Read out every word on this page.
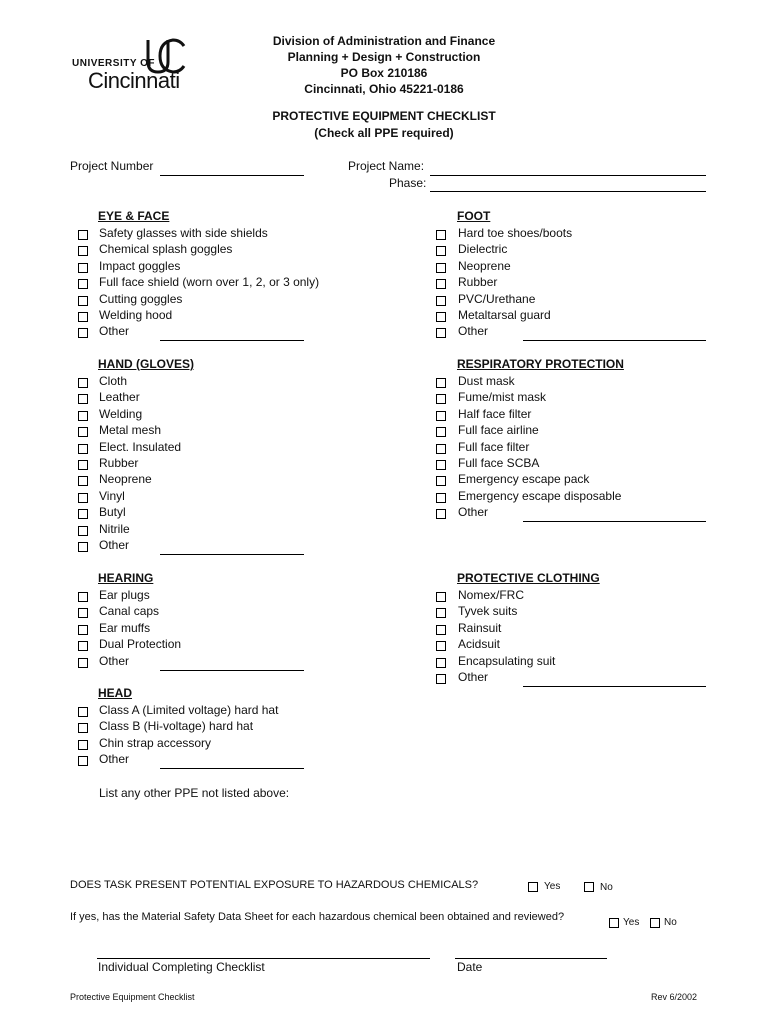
UNIVERSITY OF
Cincinnati
Division of Administration and Finance
Planning + Design + Construction
PO Box 210186
Cincinnati, Ohio 45221-0186
PROTECTIVE EQUIPMENT CHECKLIST
(Check all PPE required)
Project Number	Project Name:
Phase:
EYE & FACE
Safety glasses with side shields
Chemical splash goggles
Impact goggles
Full face shield (worn over 1, 2, or 3 only)
Cutting goggles
Welding hood
Other
FOOT
Hard toe shoes/boots
Dielectric
Neoprene
Rubber
PVC/Urethane
Metaltarsal guard
Other
HAND (GLOVES)
Cloth
Leather
Welding
Metal mesh
Elect. Insulated
Rubber
Neoprene
Vinyl
Butyl
Nitrile
Other
RESPIRATORY PROTECTION
Dust mask
Fume/mist mask
Half face filter
Full face airline
Full face filter
Full face SCBA
Emergency escape pack
Emergency escape disposable
Other
HEARING
Ear plugs
Canal caps
Ear muffs
Dual Protection
Other
PROTECTIVE CLOTHING
Nomex/FRC
Tyvek suits
Rainsuit
Acidsuit
Encapsulating suit
Other
HEAD
Class A (Limited voltage) hard hat
Class B (Hi-voltage) hard hat
Chin strap accessory
Other
List any other PPE not listed above:
DOES TASK PRESENT POTENTIAL EXPOSURE TO HAZARDOUS CHEMICALS?	Yes	No
If yes, has the Material Safety Data Sheet for each hazardous chemical been obtained and reviewed?	Yes No
Individual Completing Checklist	Date
Protective Equipment Checklist	Rev 6/2002
